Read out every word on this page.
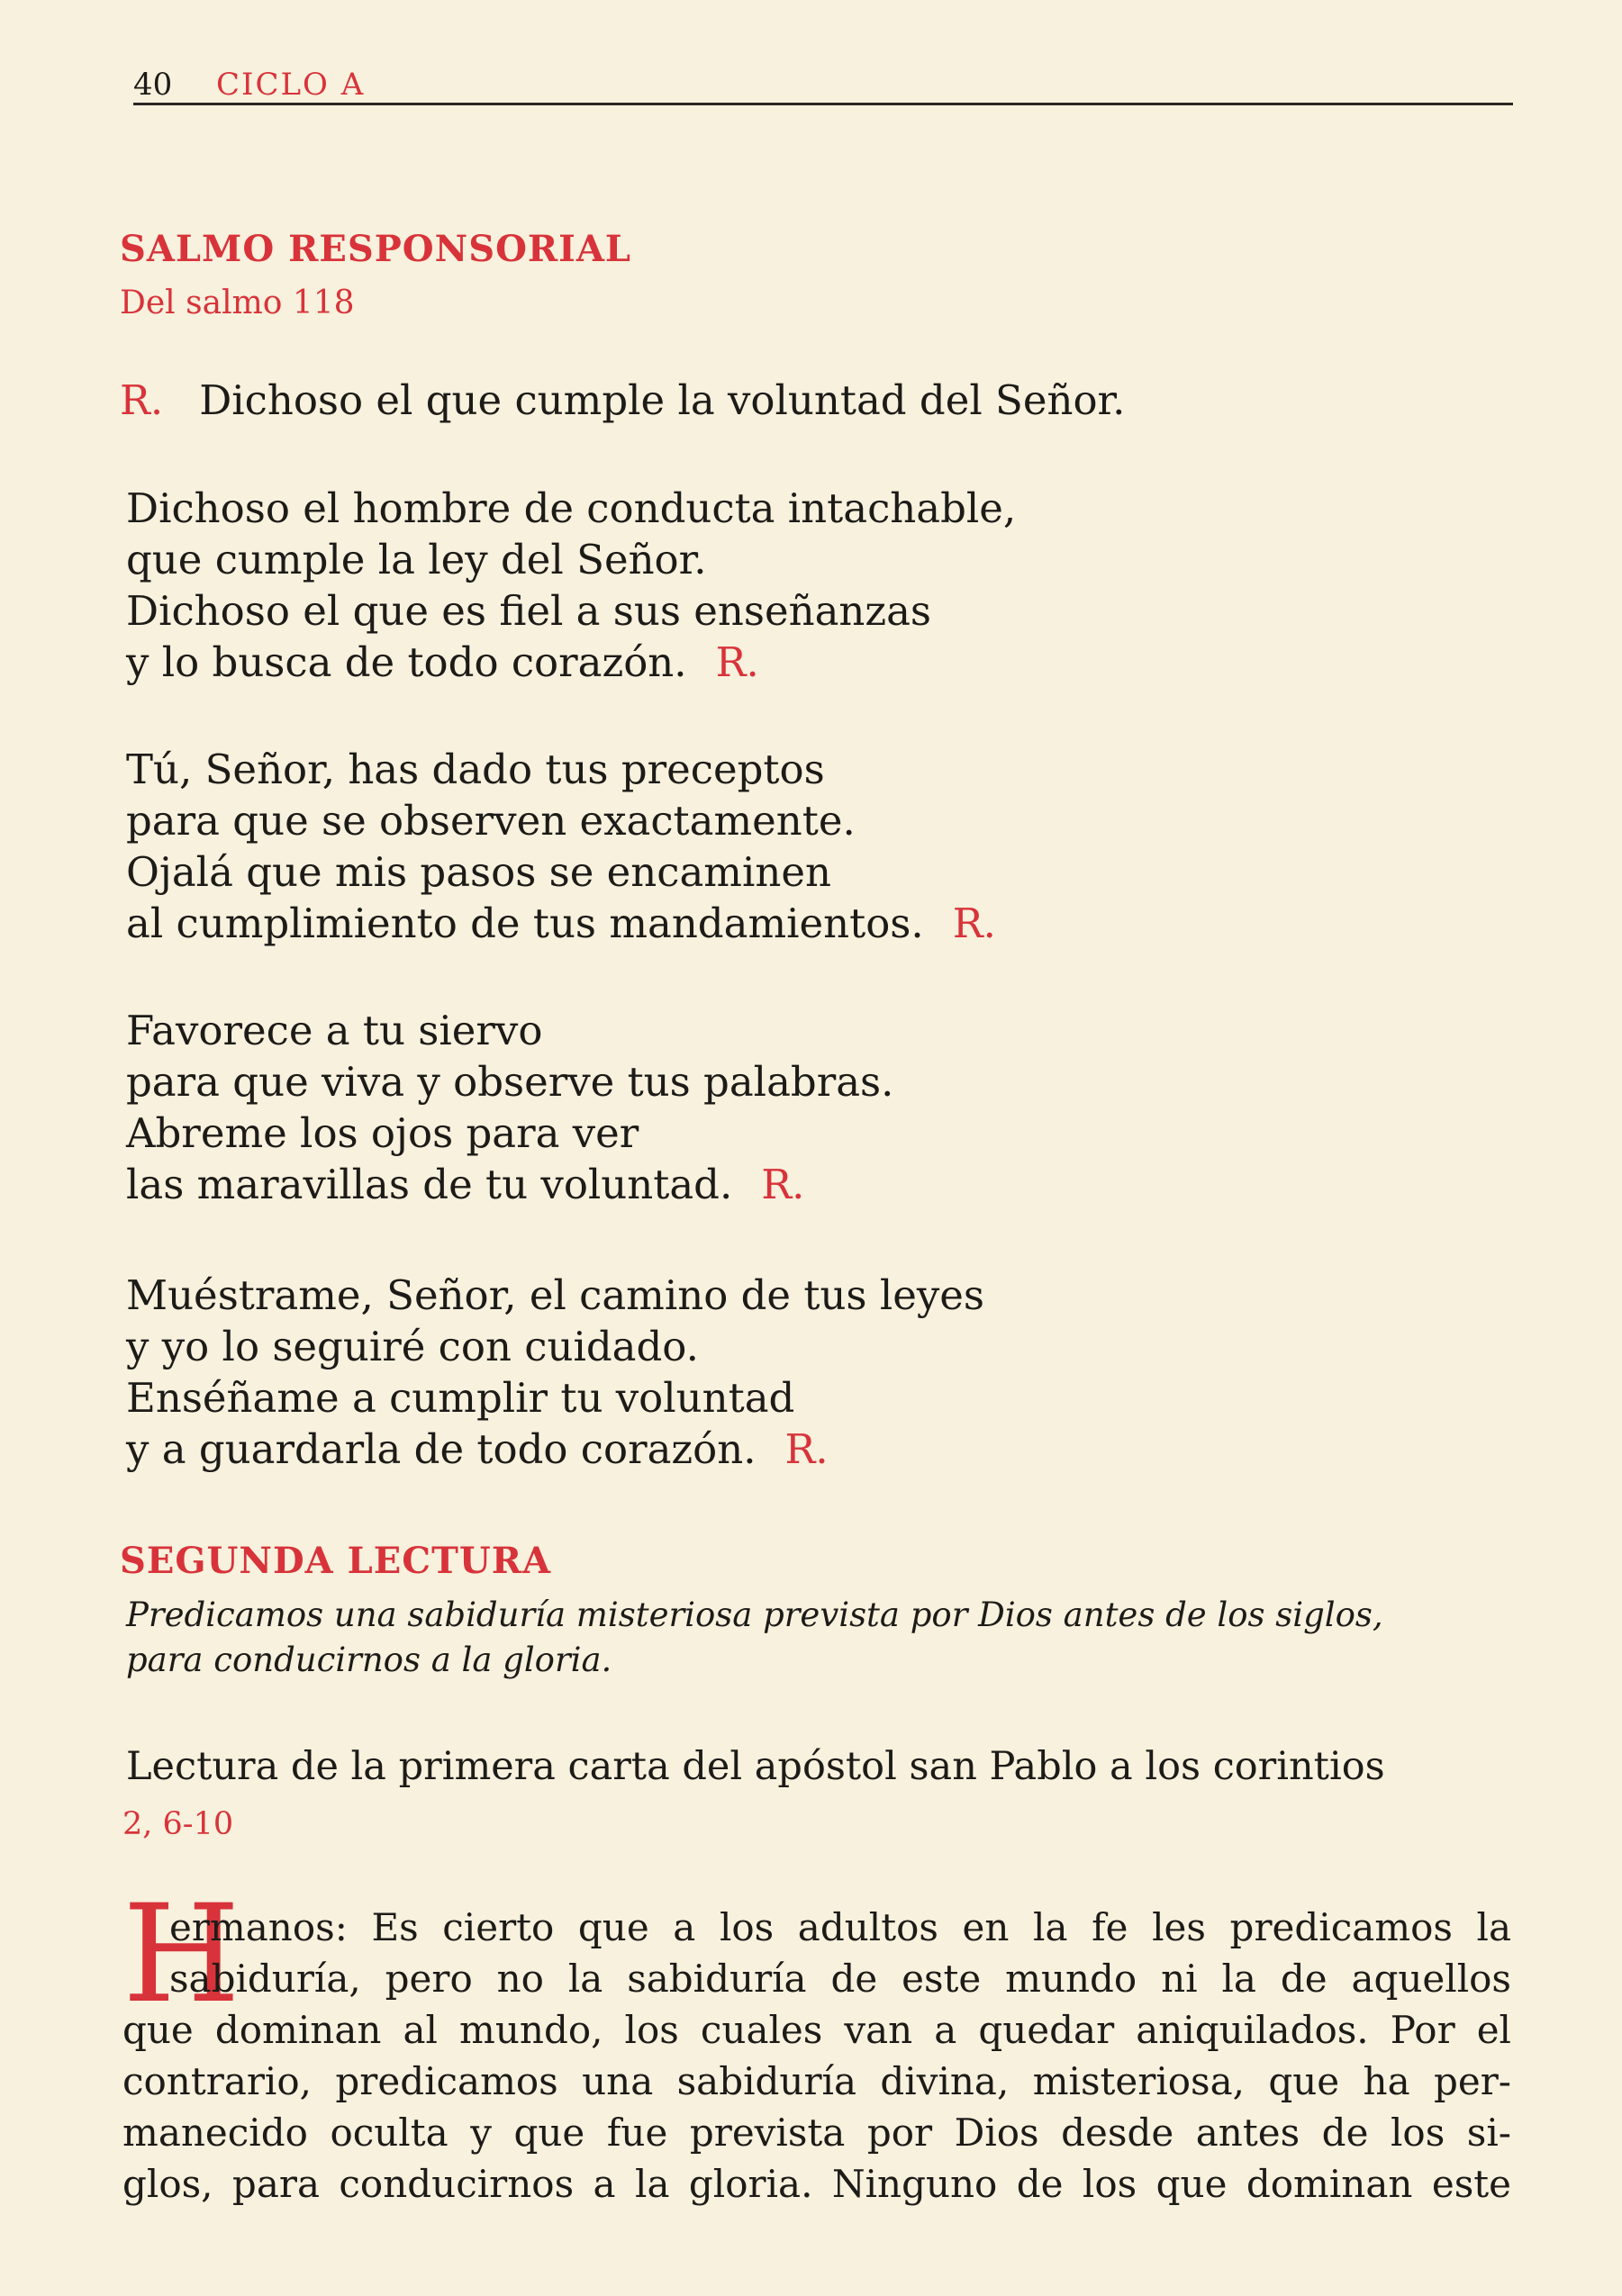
40 CICLO A
SALMO RESPONSORIAL
Del salmo 118
R. Dichoso el que cumple la voluntad del Señor.
Dichoso el hombre de conducta intachable,
que cumple la ley del Señor.
Dichoso el que es fiel a sus enseñanzas
y lo busca de todo corazón. R.
Tú, Señor, has dado tus preceptos
para que se observen exactamente.
Ojalá que mis pasos se encaminen
al cumplimiento de tus mandamientos. R.
Favorece a tu siervo
para que viva y observe tus palabras.
Abreme los ojos para ver
las maravillas de tu voluntad. R.
Muéstrame, Señor, el camino de tus leyes
y yo lo seguiré con cuidado.
Enséñame a cumplir tu voluntad
y a guardarla de todo corazón. R.
SEGUNDA LECTURA
Predicamos una sabiduría misteriosa prevista por Dios antes de los siglos,
para conducirnos a la gloria.
Lectura de la primera carta del apóstol san Pablo a los corintios
2, 6-10
H
ermanos: Es cierto que a los adultos en la fe les predicamos la
sabiduría, pero no la sabiduría de este mundo ni la de aquellos
que dominan al mundo, los cuales van a quedar aniquilados. Por el
contrario, predicamos una sabiduría divina, misteriosa, que ha per-
manecido oculta y que fue prevista por Dios desde antes de los si-
glos, para conducirnos a la gloria. Ninguno de los que dominan este
